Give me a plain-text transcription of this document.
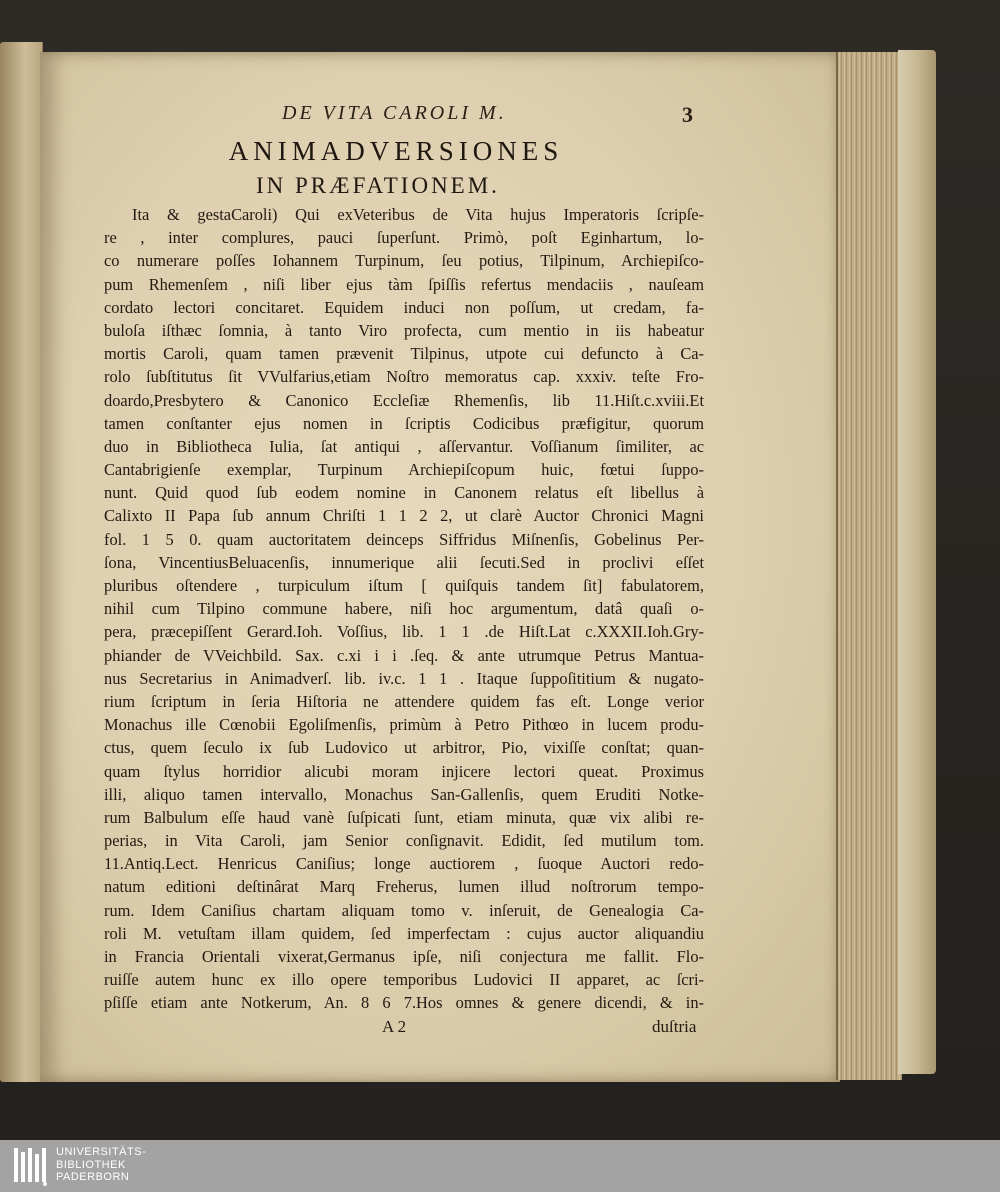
DE VITA CAROLI M.	3
ANIMADVERSIONES
IN PRÆFATIONEM.
Ita & gestaCaroli) Qui exVeteribus de Vita hujus Imperatoris ſcripſe-
re , inter complures, pauci ſuperſunt. Primò, poſt Eginhartum, lo-
co numerare poſſes Iohannem Turpinum, ſeu potius, Tilpinum, Archiepiſco-
pum Rhemenſem , niſi liber ejus tàm ſpiſſis refertus mendaciis , nauſeam
cordato lectori concitaret. Equidem induci non poſſum, ut credam, fa-
buloſa iſthæc ſomnia, à tanto Viro profecta, cum mentio in iis habeatur
mortis Caroli, quam tamen prævenit Tilpinus, utpote cui defuncto à Ca-
rolo ſubſtitutus ſit VVulfarius,etiam Noſtro memoratus cap. xxxiv. teſte Fro-
doardo,Presbytero & Canonico Eccleſiæ Rhemenſis, lib 11.Hiſt.c.xviii.Et
tamen conſtanter ejus nomen in ſcriptis Codicibus præfigitur, quorum
duo in Bibliotheca Iulia, ſat antiqui , aſſervantur. Voſſianum ſimiliter, ac
Cantabrigienſe exemplar, Turpinum Archiepiſcopum huic, fœtui ſuppo-
nunt. Quid quod ſub eodem nomine in Canonem relatus eſt libellus à
Calixto II Papa ſub annum Chriſti 1 1 2 2, ut clarè Auctor Chronici Magni
fol. 1 5 0. quam auctoritatem deinceps Siffridus Miſnenſis, Gobelinus Per-
ſona, VincentiusBeluacenſis, innumerique alii ſecuti.Sed in proclivi eſſet
pluribus oſtendere , turpiculum iſtum [ quiſquis tandem ſit] fabulatorem,
nihil cum Tilpino commune habere, niſi hoc argumentum, datâ quaſi o-
pera, præcepiſſent Gerard.Ioh. Voſſius, lib. 1 1 .de Hiſt.Lat c.XXXII.Ioh.Gry-
phiander de VVeichbild. Sax. c.xi i i .ſeq. & ante utrumque Petrus Mantua-
nus Secretarius in Animadverſ. lib. iv.c. 1 1 . Itaque ſuppoſititium & nugato-
rium ſcriptum in ſeria Hiſtoria ne attendere quidem fas eſt. Longe verior
Monachus ille Cœnobii Egoliſmenſis, primùm à Petro Pithœo in lucem produ-
ctus, quem ſeculo ix ſub Ludovico ut arbitror, Pio, vixiſſe conſtat; quan-
quam ſtylus horridior alicubi moram injicere lectori queat. Proximus
illi, aliquo tamen intervallo, Monachus San-Gallenſis, quem Eruditi Notke-
rum Balbulum eſſe haud vanè ſuſpicati ſunt, etiam minuta, quæ vix alibi re-
perias, in Vita Caroli, jam Senior conſignavit. Edidit, ſed mutilum tom.
11.Antiq.Lect. Henricus Caniſius; longe auctiorem , ſuoque Auctori redo-
natum editioni deſtinârat Marq Freherus, lumen illud noſtrorum tempo-
rum. Idem Caniſius chartam aliquam tomo v. inſeruit, de Genealogia Ca-
roli M. vetuſtam illam quidem, ſed imperfectam : cujus auctor aliquandiu
in Francia Orientali vixerat,Germanus ipſe, niſi conjectura me fallit. Flo-
ruiſſe autem hunc ex illo opere temporibus Ludovici II apparet, ac ſcri-
pſiſſe etiam ante Notkerum, An. 8 6 7.Hos omnes & genere dicendi, & in-
A 2	duſtria
UNIVERSITÄTS-
BIBLIOTHEK
PADERBORN
